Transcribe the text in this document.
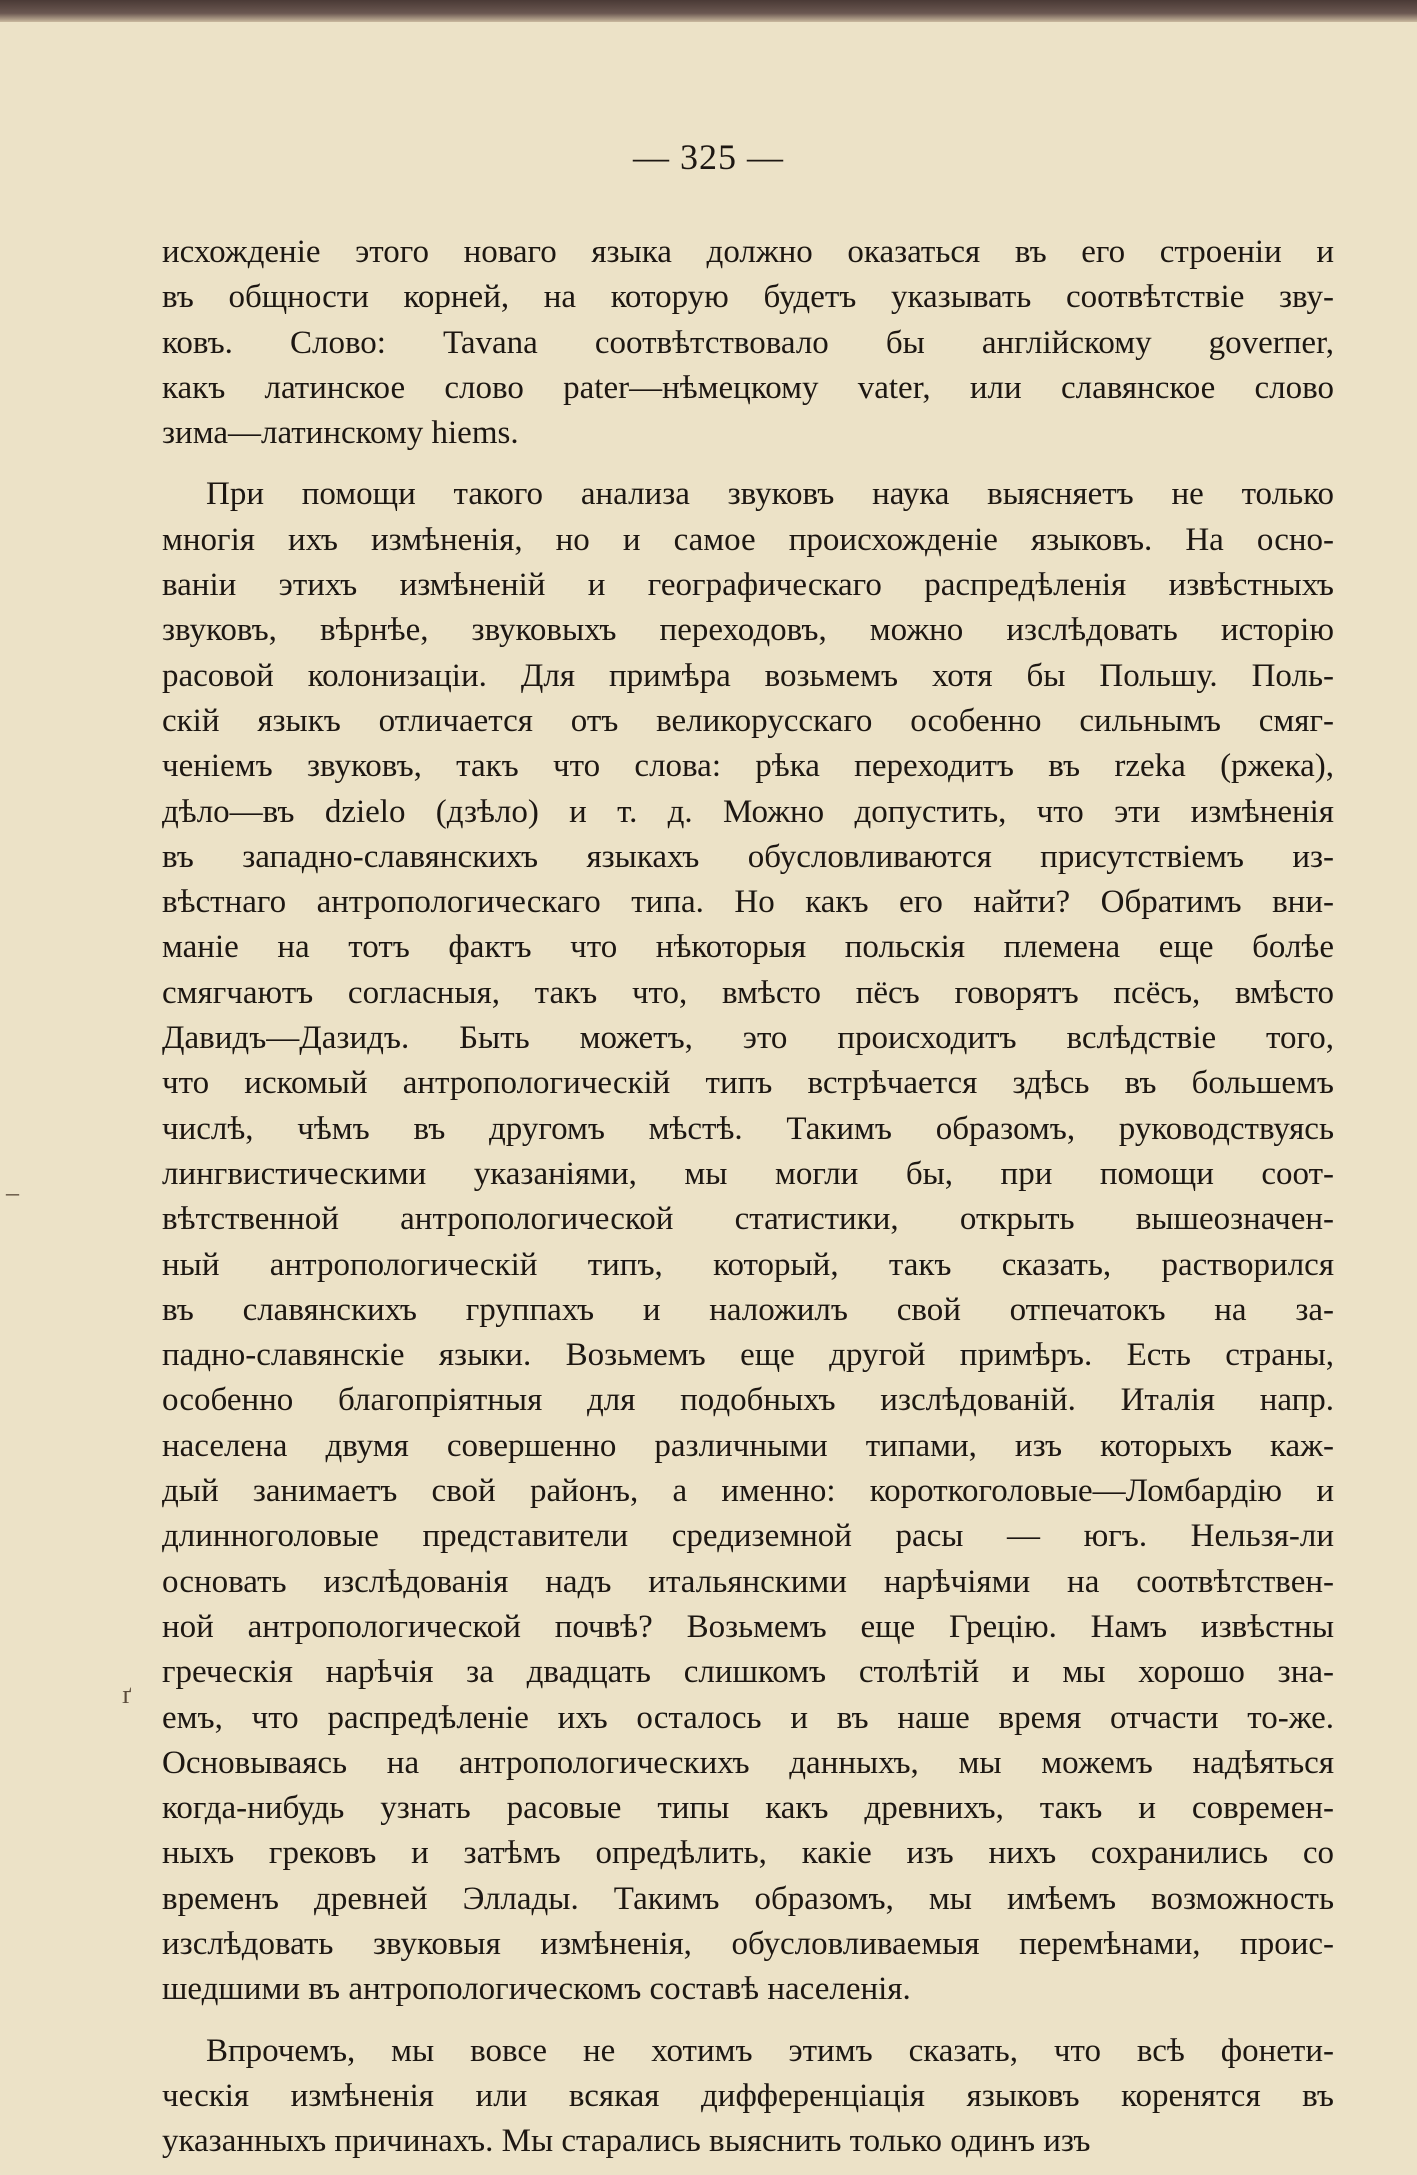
— 325 —
исхожденіе этого новаго языка должно оказаться въ его строеніи и
въ общности корней, на которую будетъ указывать соотвѣтствіе зву-
ковъ. Слово: Tavana соотвѣтствовало бы англійскому goverпer,
какъ латинское слово pater—нѣмецкому vater, или славянское слово
зима—латинскому hiems.
При помощи такого анализа звуковъ наука выясняетъ не только
многія ихъ измѣненія, но и самое происхожденіе языковъ. На осно-
ваніи этихъ измѣненій и географическаго распредѣленія извѣстныхъ
звуковъ, вѣрнѣе, звуковыхъ переходовъ, можно изслѣдовать исторію
расовой колонизаціи. Для примѣра возьмемъ хотя бы Польшу. Поль-
скій языкъ отличается отъ великорусскаго особенно сильнымъ смяг-
ченіемъ звуковъ, такъ что слова: рѣка переходитъ въ rzeka (ржека),
дѣло—въ dzielo (дзѣло) и т. д. Можно допустить, что эти измѣненія
въ западно-славянскихъ языкахъ обусловливаются присутствіемъ из-
вѣстнаго антропологическаго типа. Но какъ его найти? Обратимъ вни-
маніе на тотъ фактъ что нѣкоторыя польскія племена еще болѣе
смягчаютъ согласныя, такъ что, вмѣсто пёсъ говорятъ псёсъ, вмѣсто
Давидъ—Дазидъ. Быть можетъ, это происходитъ вслѣдствіе того,
что искомый антропологическій типъ встрѣчается здѣсь въ большемъ
числѣ, чѣмъ въ другомъ мѣстѣ. Такимъ образомъ, руководствуясь
лингвистическими указаніями, мы могли бы, при помощи соот-
вѣтственной антропологической статистики, открыть вышеозначен-
ный антропологическій типъ, который, такъ сказать, растворился
въ славянскихъ группахъ и наложилъ свой отпечатокъ на за-
падно-славянскіе языки. Возьмемъ еще другой примѣръ. Есть страны,
особенно благопріятныя для подобныхъ изслѣдованій. Италія напр.
населена двумя совершенно различными типами, изъ которыхъ каж-
дый занимаетъ свой районъ, а именно: короткоголовые—Ломбардію и
длинноголовые представители средиземной расы — югъ. Нельзя-ли
основать изслѣдованія надъ итальянскими нарѣчіями на соотвѣтствен-
ной антропологической почвѣ? Возьмемъ еще Грецію. Намъ извѣстны
греческія нарѣчія за двадцать слишкомъ столѣтій и мы хорошо зна-
емъ, что распредѣленіе ихъ осталось и въ наше время отчасти то-же.
Основываясь на антропологическихъ данныхъ, мы можемъ надѣяться
когда-нибудь узнать расовые типы какъ древнихъ, такъ и современ-
ныхъ грековъ и затѣмъ опредѣлить, какіе изъ нихъ сохранились со
временъ древней Эллады. Такимъ образомъ, мы имѣемъ возможность
изслѣдовать звуковыя измѣненія, обусловливаемыя перемѣнами, проис-
шедшими въ антропологическомъ составѣ населенія.
Впрочемъ, мы вовсе не хотимъ этимъ сказать, что всѣ фонети-
ческія измѣненія или всякая дифференціація языковъ коренятся въ
указанныхъ причинахъ. Мы старались выяснить только одинъ изъ
–
ґ
